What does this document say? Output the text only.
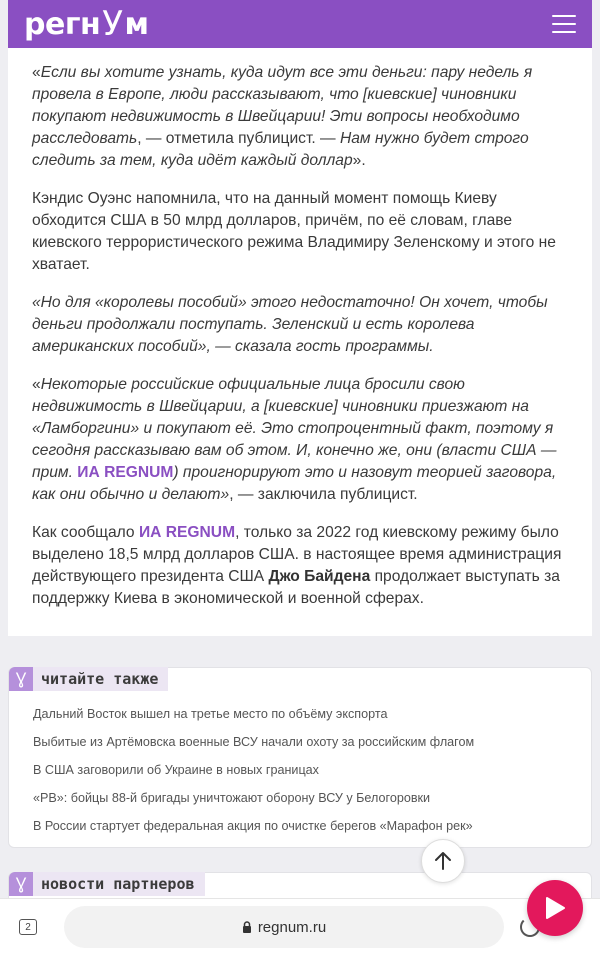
регн У м

«Если вы хотите узнать, куда идут все эти деньги: пару недель я провела в Европе, люди рассказывают, что [киевские] чиновники покупают недвижимость в Швейцарии! Эти вопросы необходимо расследовать, — отметила публицист. — Нам нужно будет строго следить за тем, куда идёт каждый доллар».

Кэндис Оуэнс напомнила, что на данный момент помощь Киеву обходится США в 50 млрд долларов, причём, по её словам, главе киевского террористического режима Владимиру Зеленскому и этого не хватает.

«Но для «королевы пособий» этого недостаточно! Он хочет, чтобы деньги продолжали поступать. Зеленский и есть королева американских пособий», — сказала гость программы.

«Некоторые российские официальные лица бросили свою недвижимость в Швейцарии, а [киевские] чиновники приезжают на «Ламборгини» и покупают её. Это стопроцентный факт, поэтому я сегодня рассказываю вам об этом. И, конечно же, они (власти США — прим. ИА REGNUM) проигнорируют это и назовут теорией заговора, как они обычно и делают», — заключила публицист.

Как сообщало ИА REGNUM, только за 2022 год киевскому режиму было выделено 18,5 млрд долларов США. в настоящее время администрация действующего президента США Джо Байдена продолжает выступать за поддержку Киева в экономической и военной сферах.

Ɣ читайте также
Дальний Восток вышел на третье место по объёму экспорта
Выбитые из Артёмовска военные ВСУ начали охоту за российским флагом
В США заговорили об Украине в новых границах
«РВ»: бойцы 88-й бригады уничтожают оборону ВСУ у Белогоровки
В России стартует федеральная акция по очистке берегов «Марафон рек»
Ɣ новости партнеров
2	regnum.ru
